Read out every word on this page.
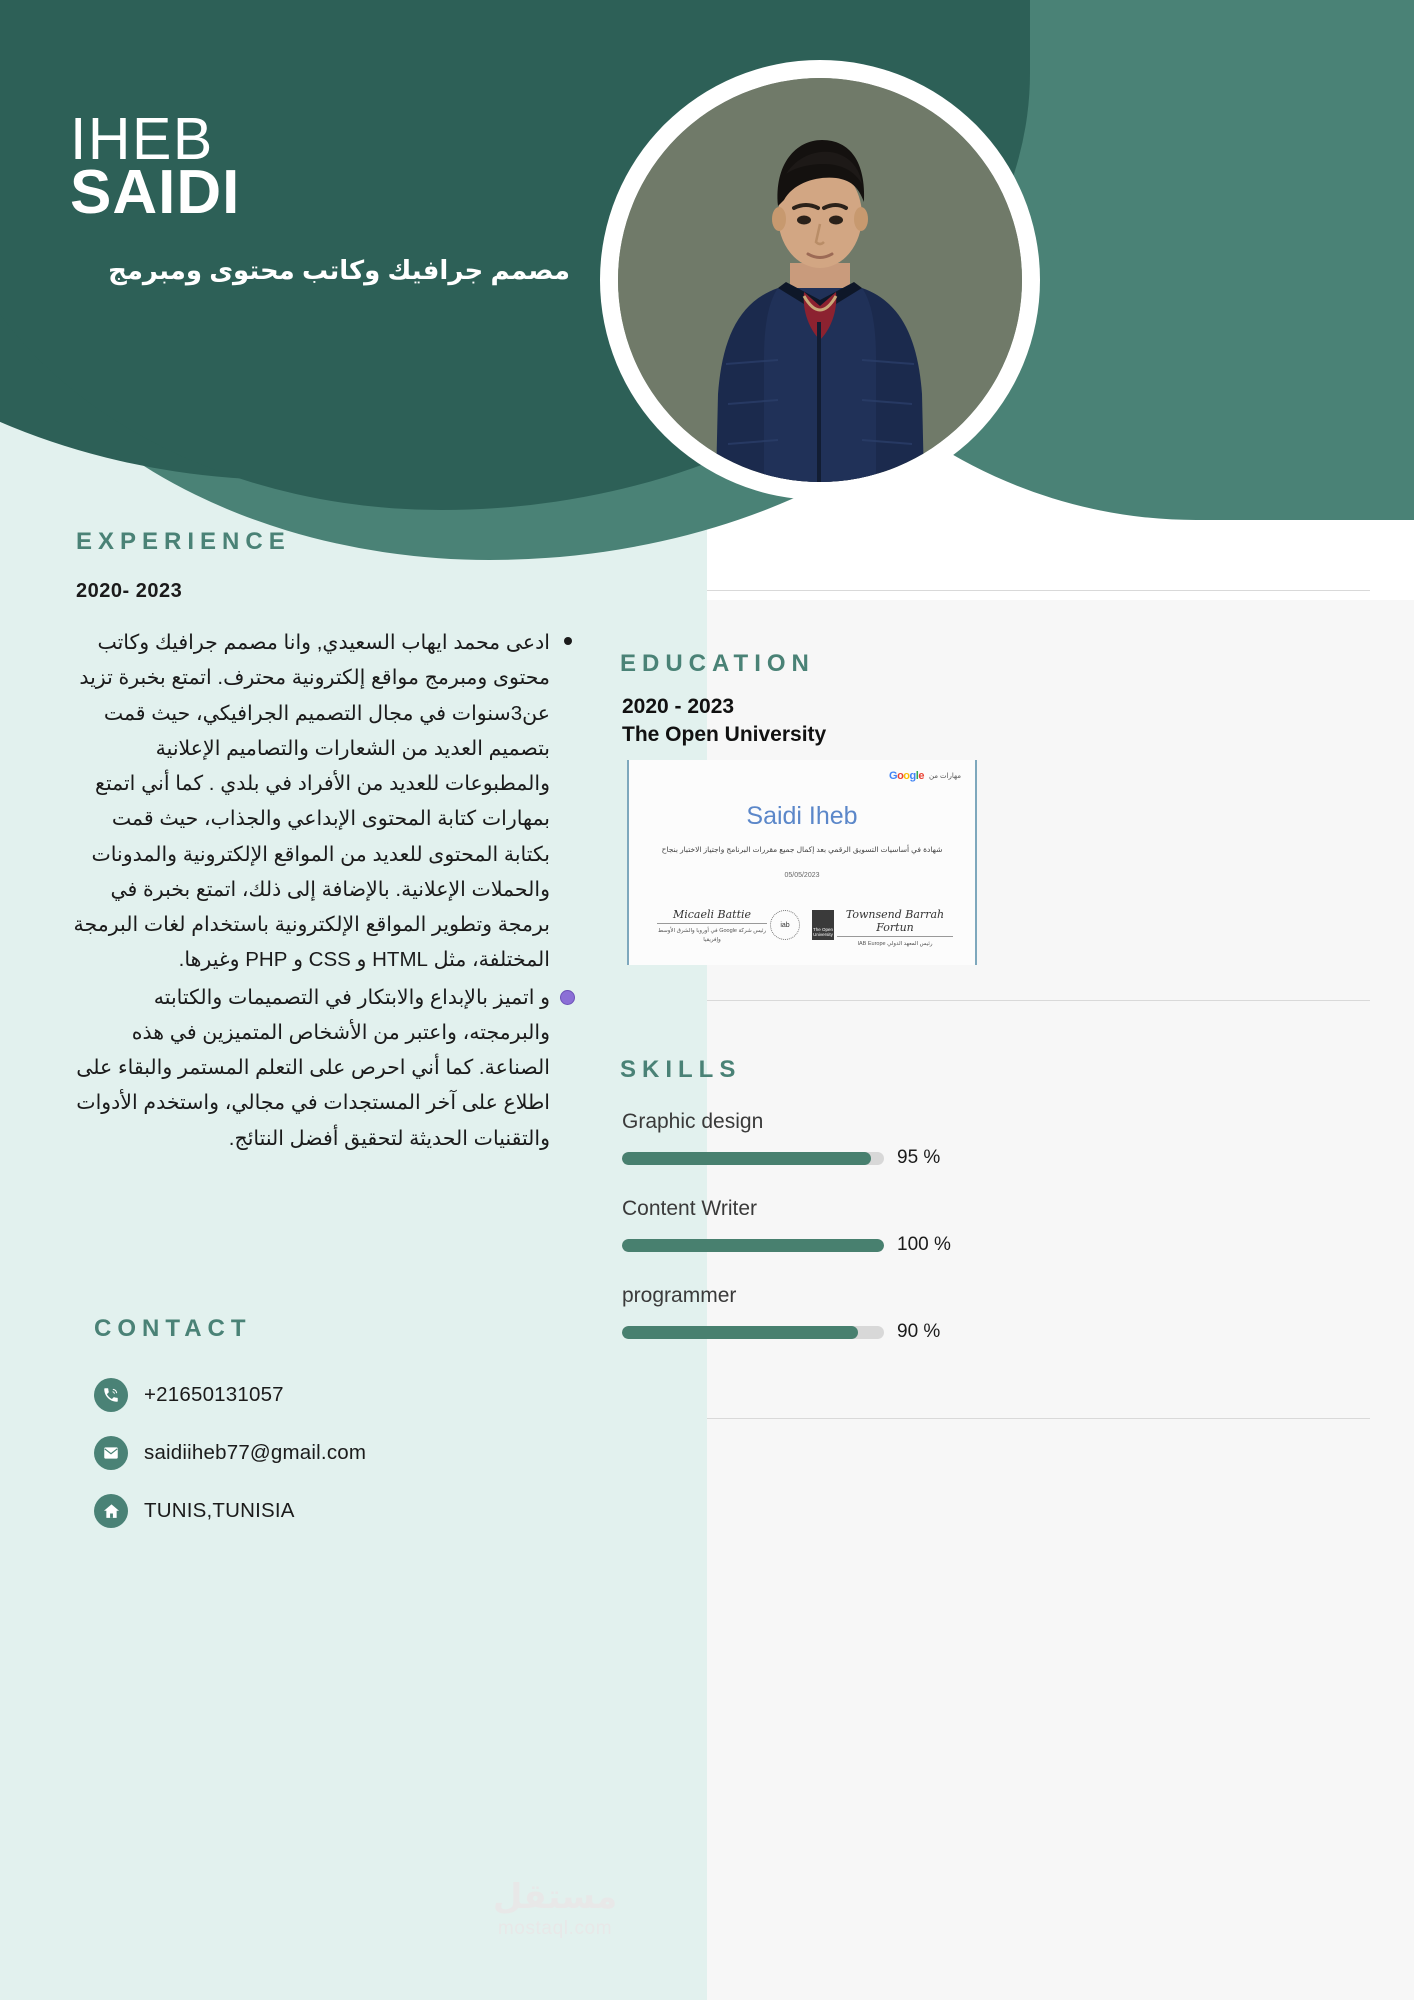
IHEB
SAIDI
مصمم جرافيك وكاتب محتوى ومبرمج
EXPERIENCE
2020- 2023
ادعى محمد ايهاب السعيدي, وانا مصمم جرافيك وكاتب محتوى ومبرمج مواقع إلكترونية محترف. اتمتع بخبرة تزيد عن3سنوات في مجال التصميم الجرافيكي، حيث قمت بتصميم العديد من الشعارات والتصاميم الإعلانية والمطبوعات للعديد من الأفراد في بلدي . كما أني اتمتع بمهارات كتابة المحتوى الإبداعي والجذاب، حيث قمت بكتابة المحتوى للعديد من المواقع الإلكترونية والمدونات والحملات الإعلانية. بالإضافة إلى ذلك، اتمتع بخبرة في برمجة وتطوير المواقع الإلكترونية باستخدام لغات البرمجة المختلفة، مثل HTML و CSS و PHP وغيرها.
و اتميز بالإبداع والابتكار في التصميمات والكتابته والبرمجته، واعتبر من الأشخاص المتميزين في هذه الصناعة. كما أني احرص على التعلم المستمر والبقاء على اطلاع على آخر المستجدات في مجالي، واستخدم الأدوات والتقنيات الحديثة لتحقيق أفضل النتائج.
CONTACT
+21650131057
saidiiheb77@gmail.com
TUNIS,TUNISIA
EDUCATION
2020 - 2023
The Open University
Google مهارات من
Saidi Iheb
شهادة في أساسيات التسويق الرقمي بعد إكمال جميع مقررات البرنامج واجتياز الاختبار بنجاح
05/05/2023
Micaeli Battie
رئيس شركة Google في أوروبا والشرق الأوسط وإفريقيا
Townsend Barrah Fortun
رئيس المعهد الدولي IAB Europe
iab
The Open University
SKILLS
Graphic design
95 %
Content Writer
100 %
programmer
90 %
مستقل
mostaql.com
